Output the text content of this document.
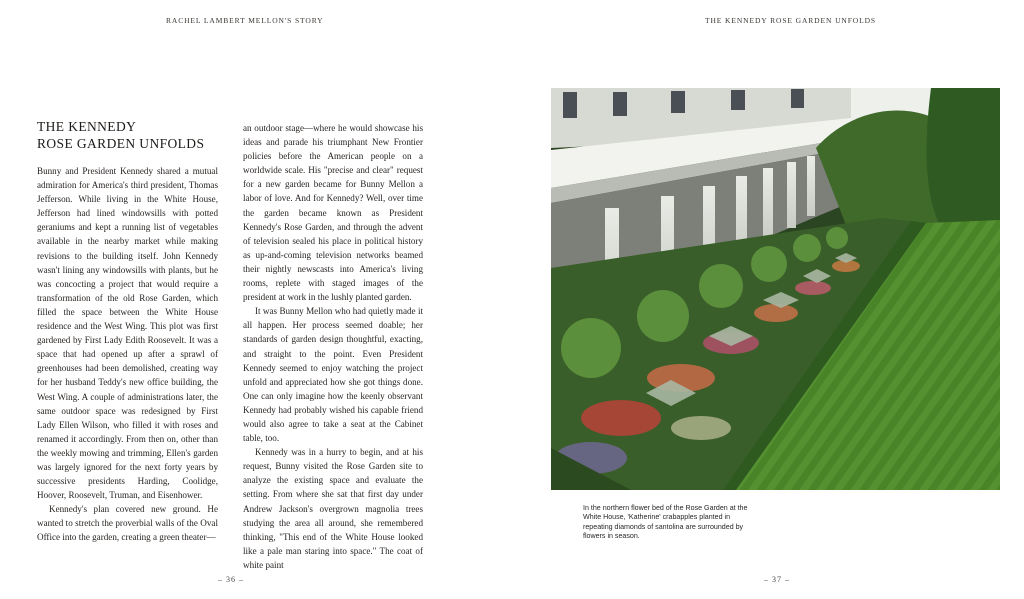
RACHEL LAMBERT MELLON'S STORY
THE KENNEDY
ROSE GARDEN UNFOLDS

Bunny and President Kennedy shared a mutual admiration for America's third president, Thomas Jefferson. While living in the White House, Jefferson had lined windowsills with potted geraniums and kept a running list of vegetables available in the nearby market while making revisions to the building itself. John Kennedy wasn't lining any windowsills with plants, but he was concocting a project that would require a transformation of the old Rose Garden, which filled the space between the White House residence and the West Wing. This plot was first gardened by First Lady Edith Roosevelt. It was a space that had opened up after a sprawl of greenhouses had been demolished, creating way for her husband Teddy's new office building, the West Wing. A couple of administrations later, the same outdoor space was redesigned by First Lady Ellen Wilson, who filled it with roses and renamed it accordingly. From then on, other than the weekly mowing and trimming, Ellen's garden was largely ignored for the next forty years by successive presidents Harding, Coolidge, Hoover, Roosevelt, Truman, and Eisenhower.

Kennedy's plan covered new ground. He wanted to stretch the proverbial walls of the Oval Office into the garden, creating a green theater—

an outdoor stage—where he would showcase his ideas and parade his triumphant New Frontier policies before the American people on a worldwide scale. His "precise and clear" request for a new garden became for Bunny Mellon a labor of love. And for Kennedy? Well, over time the garden became known as President Kennedy's Rose Garden, and through the advent of television sealed his place in political history as up-and-coming television networks beamed their nightly newscasts into America's living rooms, replete with staged images of the president at work in the lushly planted garden.

It was Bunny Mellon who had quietly made it all happen. Her process seemed doable; her standards of garden design thoughtful, exacting, and straight to the point. Even President Kennedy seemed to enjoy watching the project unfold and appreciated how she got things done. One can only imagine how the keenly observant Kennedy had probably wished his capable friend would also agree to take a seat at the Cabinet table, too.

Kennedy was in a hurry to begin, and at his request, Bunny visited the Rose Garden site to analyze the existing space and evaluate the setting. From where she sat that first day under Andrew Jackson's overgrown magnolia trees studying the area all around, she remembered thinking, "This end of the White House looked like a pale man staring into space." The coat of white paint

– 36 –
THE KENNEDY ROSE GARDEN UNFOLDS

In the northern flower bed of the Rose Garden at the White House, 'Katherine' crabapples planted in repeating diamonds of santolina are surrounded by flowers in season.

– 37 –
